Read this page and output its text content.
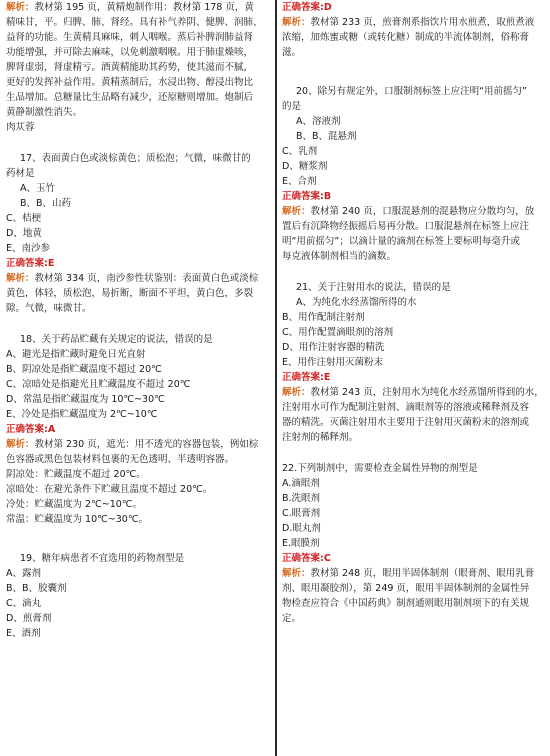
解析：教材第 195 页，黄精炮制作用：教材第 178 页，黄
精味甘，平。归脾、肺、肾经。具有补气养阴、健脾、润肺、
益肾的功能。生黄精具麻味，刺人咽喉。蒸后补脾润肺益肾
功能增强，并可除去麻味，以免刺激咽喉。用于肺虚燥咳，
脾肾虚弱，肾虚精亏。酒黄精能助其药势，使其滋而不腻，
更好的发挥补益作用。黄精蒸制后，水浸出物、醇浸出物比
生品增加。总糖量比生品略有减少，还原糖则增加。炮制后
黄静制激性消失。
肉苁蓉
17、表面黄白色或淡棕黄色；质松泡；气微，味微甘的
药材是
A、玉竹
B、B、山药
C、桔梗
D、地黄
E、南沙参
正确答案:E
解析：教材第 334 页，南沙参性状鉴别：表面黄白色或淡棕
黄色，体轻，质松泡，易折断，断面不平坦，黄白色，多裂
隙。气微，味微甘。
18、关于药品贮藏有关规定的说法，错误的是
A、避光是指贮藏时避免日光直射
B、阴凉处是指贮藏温度不超过 20℃
C、凉暗处是指避光且贮藏温度不超过 20℃
D、常温是指贮藏温度为 10℃~30℃
E、冷处是指贮藏温度为 2℃~10℃
正确答案:A
解析：教材第 230 页，遮光：用不透光的容器包装，例如棕
色容器或黑色包装材料包裹的无色透明、半透明容器。
阴凉处：贮藏温度不超过 20℃。
凉暗处：在避光条件下贮藏且温度不超过 20℃。
冷处：贮藏温度为 2℃~10℃。
常温：贮藏温度为 10℃~30℃。
19、糖年病患者不宜选用的药物剂型是
A、露剂
B、B、胶囊剂
C、滴丸
D、煎膏剂
E、酒剂
正确答案:D
解析：教材第 233 页，煎膏剂系指饮片用水煎煮，取煎煮液
浓缩，加炼蜜或糖（或转化糖）制成的半流体制剂，俗称膏
滋。
20、除另有规定外，口服制剂标签上应注明“用前摇匀”
的是
A、溶液剂
B、B、混悬剂
C、乳剂
D、糖浆剂
E、合剂
正确答案:B
解析：教材第 240 页，口服混悬剂的混悬物应分散均匀，放
置后有沉降物经振摇后易再分散。口服混悬剂在标签上应注
明“用前摇匀”；以滴计量的滴剂在标签上要标明每毫升或
每克液体制剂相当的滴数。
21、关于注射用水的说法，错误的是
A、为纯化水经蒸馏所得的水
B、用作配制注射剂
C、用作配置滴眼剂的溶剂
D、用作注射容器的精洗
E、用作注射用灭菌粉末
正确答案:E
解析：教材第 243 页，注射用水为纯化水经蒸馏所得到的水，
注射用水可作为配制注射剂、滴眼剂等的溶液或稀释剂及容
器的精洗。灭菌注射用水主要用于注射用灭菌粉末的溶剂或
注射剂的稀释剂。
22.下列制剂中，需要检查金属性异物的剂型是
A.滴眼剂
B.洗眼剂
C.眼膏剂
D.眼丸剂
E.眼膜剂
正确答案:C
解析：教材第 248 页，眼用半固体制剂（眼膏剂、眼用乳膏
剂、眼用凝胶剂），第 249 页，眼用半固体制剂的金属性异
物检查应符合《中国药典》制剂通则眼用制剂项下的有关规
定。
